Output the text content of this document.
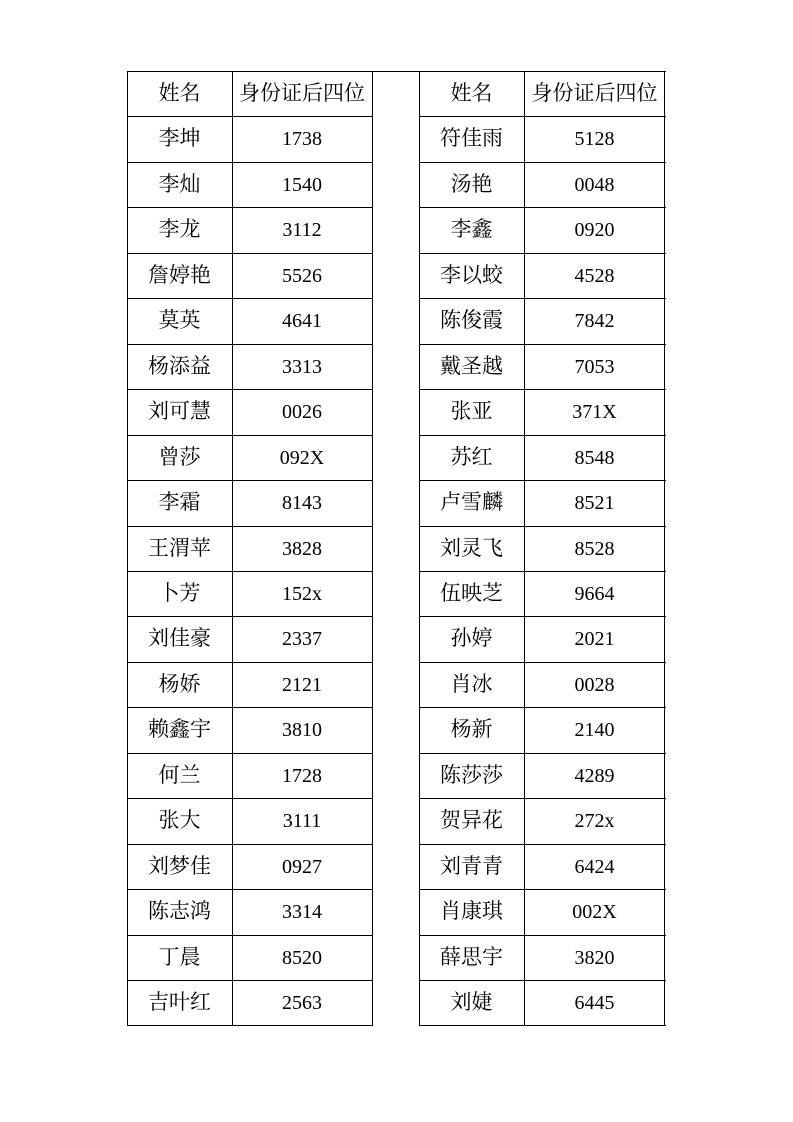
姓名	身份证后四位	姓名	身份证后四位
李坤	1738	符佳雨	5128
李灿	1540	汤艳	0048
李龙	3112	李鑫	0920
詹婷艳	5526	李以蛟	4528
莫英	4641	陈俊霞	7842
杨添益	3313	戴圣越	7053
刘可慧	0026	张亚	371X
曾莎	092X	苏红	8548
李霜	8143	卢雪麟	8521
王渭苹	3828	刘灵飞	8528
卜芳	152x	伍映芝	9664
刘佳豪	2337	孙婷	2021
杨娇	2121	肖冰	0028
赖鑫宇	3810	杨新	2140
何兰	1728	陈莎莎	4289
张大	3111	贺异花	272x
刘梦佳	0927	刘青青	6424
陈志鸿	3314	肖康琪	002X
丁晨	8520	薛思宇	3820
吉叶红	2563	刘婕	6445
